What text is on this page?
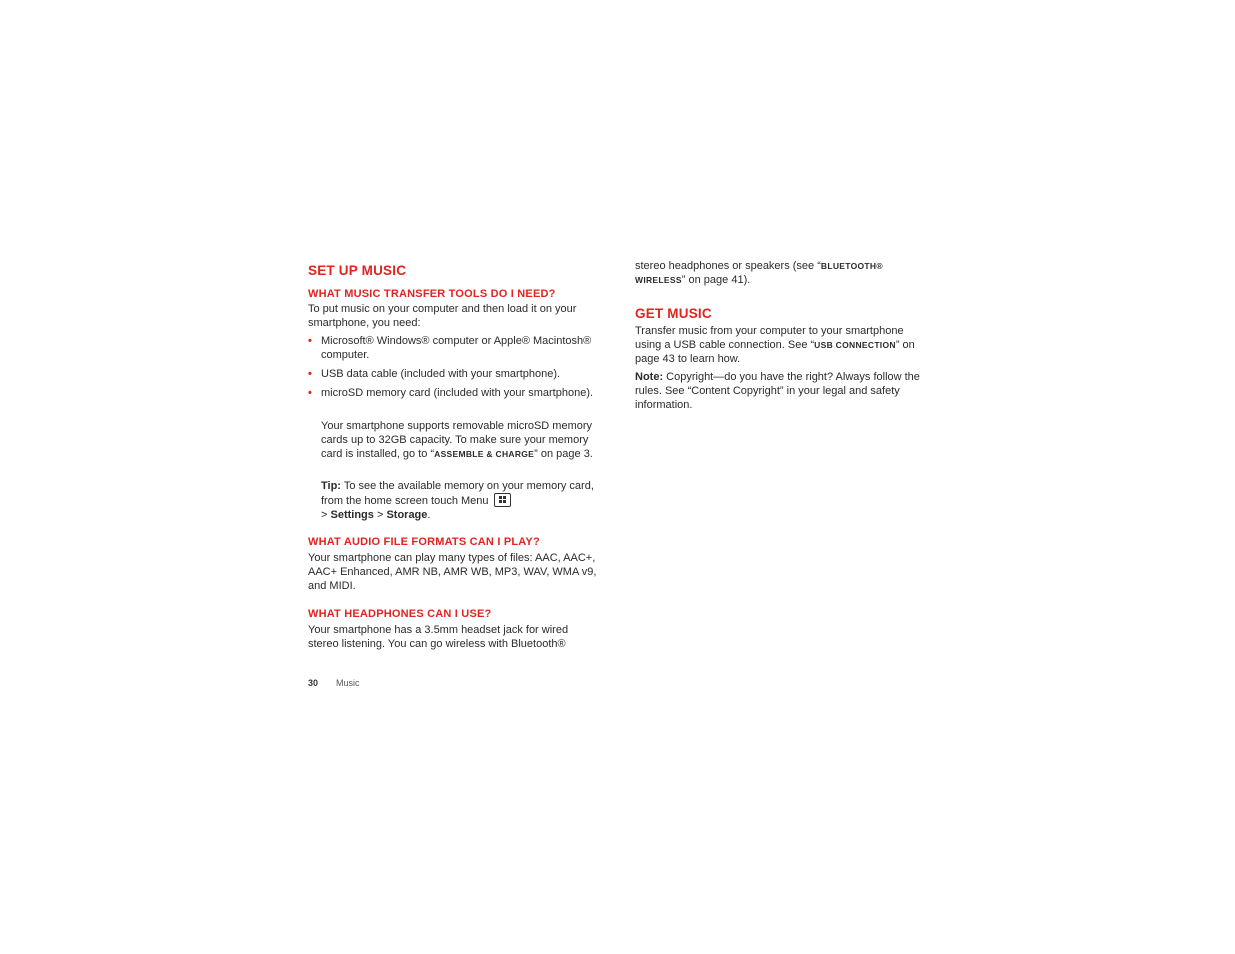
SET UP MUSIC
WHAT MUSIC TRANSFER TOOLS DO I NEED?

To put music on your computer and then load it on your smartphone, you need:

• Microsoft® Windows® computer or Apple® Macintosh® computer.
• USB data cable (included with your smartphone).
• microSD memory card (included with your smartphone).

Your smartphone supports removable microSD memory cards up to 32GB capacity. To make sure your memory card is installed, go to “ASSEMBLE & CHARGE” on page 3.

Tip: To see the available memory on your memory card, from the home screen touch Menu
> Settings > Storage.

WHAT AUDIO FILE FORMATS CAN I PLAY?

Your smartphone can play many types of files: AAC, AAC+, AAC+ Enhanced, AMR NB, AMR WB, MP3, WAV, WMA v9, and MIDI.

WHAT HEADPHONES CAN I USE?

Your smartphone has a 3.5mm headset jack for wired stereo listening. You can go wireless with Bluetooth®

stereo headphones or speakers (see “BLUETOOTH®
WIRELESS” on page 41).

GET MUSIC

Transfer music from your computer to your smartphone using a USB cable connection. See “USB CONNECTION” on page 43 to learn how.

Note: Copyright—do you have the right? Always follow the rules. See “Content Copyright” in your legal and safety information.

30 Music
